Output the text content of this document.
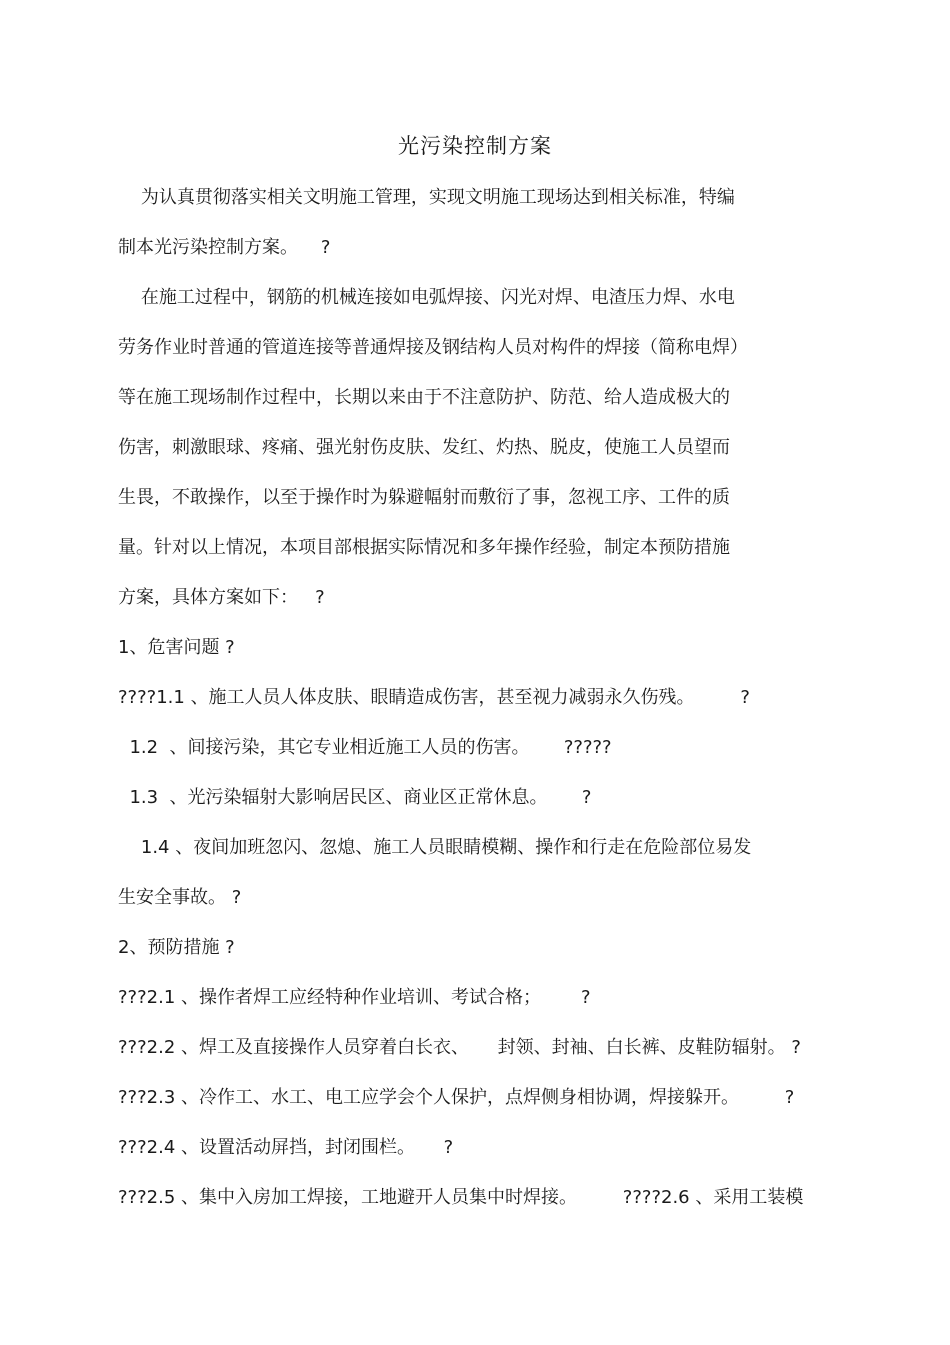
光污染控制方案
为认真贯彻落实相关文明施工管理，实现文明施工现场达到相关标准，特编
制本光污染控制方案。    ?
在施工过程中，钢筋的机械连接如电弧焊接、闪光对焊、电渣压力焊、水电
劳务作业时普通的管道连接等普通焊接及钢结构人员对构件的焊接（简称电焊）
等在施工现场制作过程中，长期以来由于不注意防护、防范、给人造成极大的
伤害，刺激眼球、疼痛、强光射伤皮肤、发红、灼热、脱皮，使施工人员望而
生畏，不敢操作，以至于操作时为躲避幅射而敷衍了事，忽视工序、工件的质
量。针对以上情况，本项目部根据实际情况和多年操作经验，制定本预防措施
方案，具体方案如下：   ?
1、危害问题 ?
????1.1 、施工人员人体皮肤、眼睛造成伤害，甚至视力减弱永久伤残。        ?
1.2  、间接污染，其它专业相近施工人员的伤害。      ?????
1.3  、光污染辐射大影响居民区、商业区正常休息。      ?
1.4 、夜间加班忽闪、忽熄、施工人员眼睛模糊、操作和行走在危险部位易发
生安全事故。 ?
2、预防措施 ?
???2.1 、操作者焊工应经特种作业培训、考试合格；       ?
???2.2 、焊工及直接操作人员穿着白长衣、     封领、封袖、白长裤、皮鞋防辐射。 ?
???2.3 、冷作工、水工、电工应学会个人保护，点焊侧身相协调，焊接躲开。        ?
???2.4 、设置活动屏挡，封闭围栏。     ?
???2.5 、集中入房加工焊接，工地避开人员集中时焊接。        ????2.6 、采用工装模
